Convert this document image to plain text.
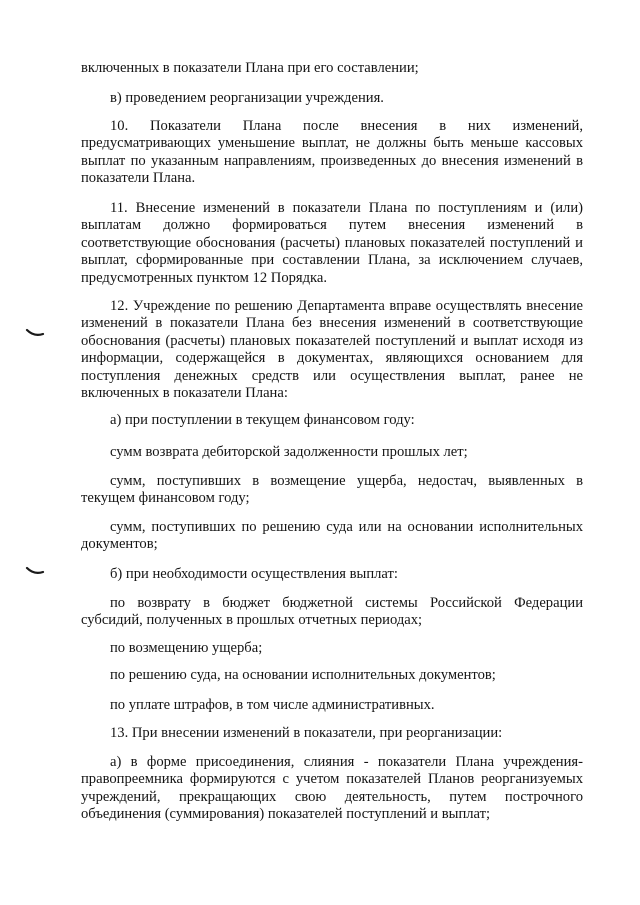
включенных в показатели Плана при его составлении;

в) проведением реорганизации учреждения.

10. Показатели Плана после внесения в них изменений, предусматривающих уменьшение выплат, не должны быть меньше кассовых выплат по указанным направлениям, произведенных до внесения изменений в показатели Плана.

11. Внесение изменений в показатели Плана по поступлениям и (или) выплатам должно формироваться путем внесения изменений в соответствующие обоснования (расчеты) плановых показателей поступлений и выплат, сформированные при составлении Плана, за исключением случаев, предусмотренных пунктом 12 Порядка.

12. Учреждение по решению Департамента вправе осуществлять внесение изменений в показатели Плана без внесения изменений в соответствующие обоснования (расчеты) плановых показателей поступлений и выплат исходя из информации, содержащейся в документах, являющихся основанием для поступления денежных средств или осуществления выплат, ранее не включенных в показатели Плана:

а) при поступлении в текущем финансовом году:

сумм возврата дебиторской задолженности прошлых лет;

сумм, поступивших в возмещение ущерба, недостач, выявленных в текущем финансовом году;

сумм, поступивших по решению суда или на основании исполнительных документов;

б) при необходимости осуществления выплат:

по возврату в бюджет бюджетной системы Российской Федерации субсидий, полученных в прошлых отчетных периодах;

по возмещению ущерба;

по решению суда, на основании исполнительных документов;

по уплате штрафов, в том числе административных.

13. При внесении изменений в показатели, при реорганизации:

а) в форме присоединения, слияния - показатели Плана учреждения-правопреемника формируются с учетом показателей Планов реорганизуемых учреждений, прекращающих свою деятельность, путем построчного объединения (суммирования) показателей поступлений и выплат;
